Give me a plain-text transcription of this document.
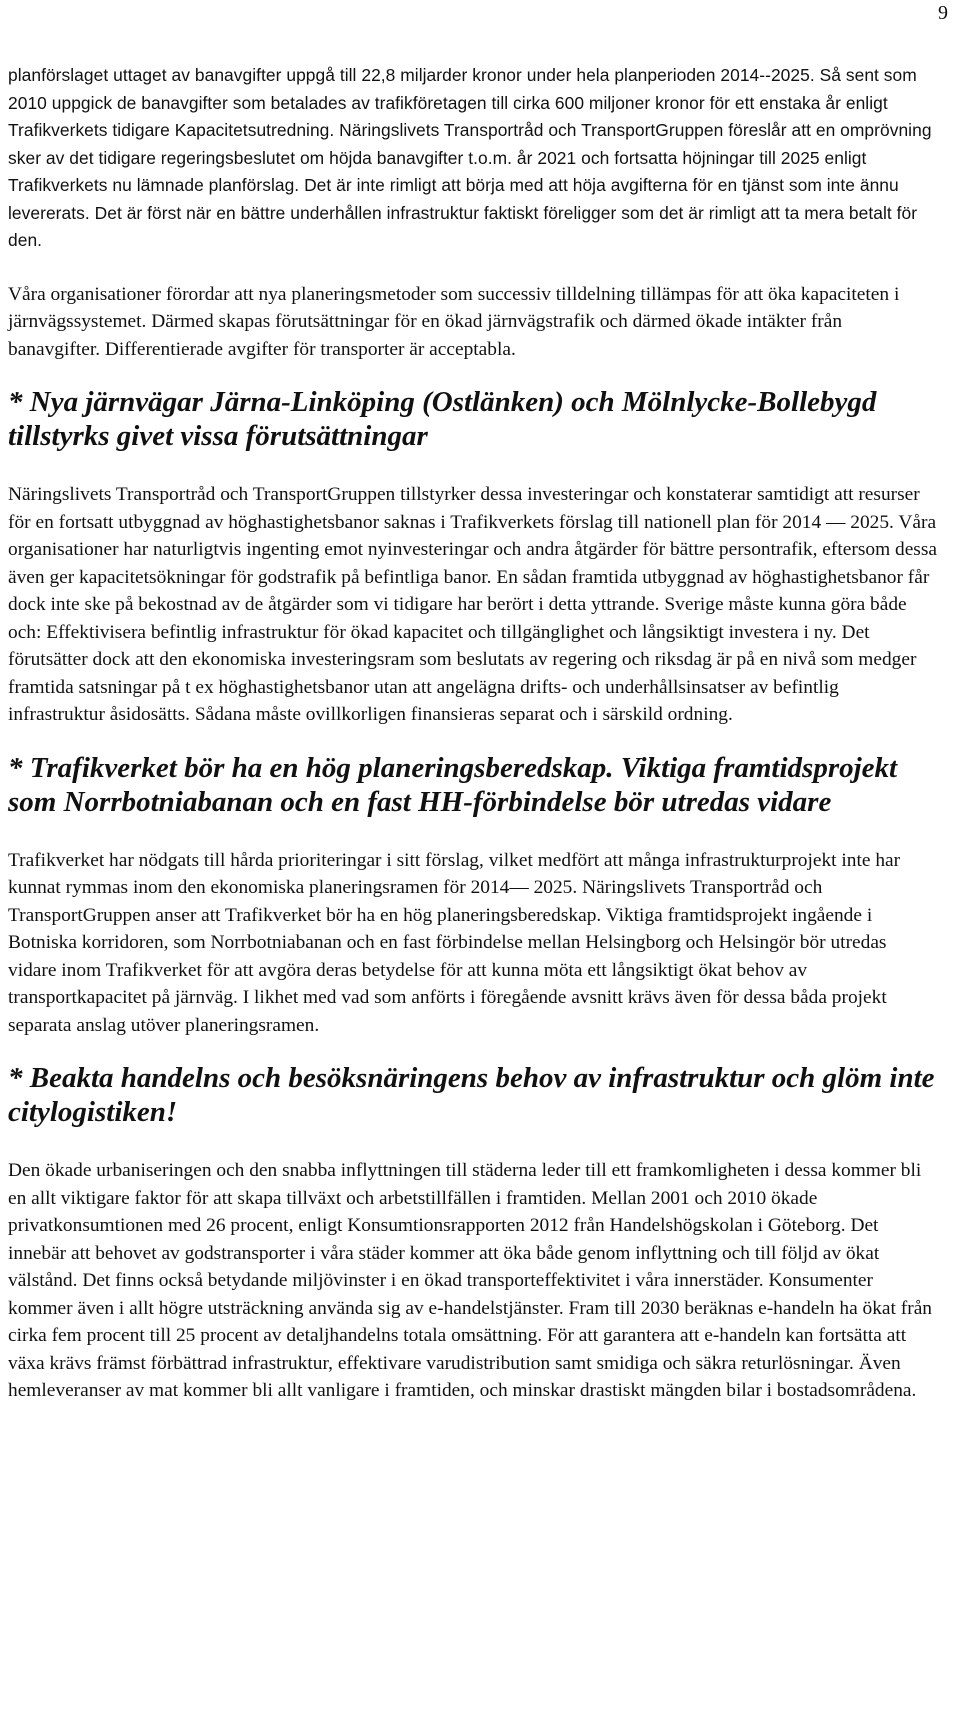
9

planförslaget uttaget av banavgifter uppgå till 22,8 miljarder kronor under hela planperioden 2014--2025. Så sent som 2010 uppgick de banavgifter som betalades av trafikföretagen till cirka 600 miljoner kronor för ett enstaka år enligt Trafikverkets tidigare Kapacitetsutredning. Näringslivets Transportråd och TransportGruppen föreslår att en omprövning sker av det tidigare regeringsbeslutet om höjda banavgifter t.o.m. år 2021 och fortsatta höjningar till 2025 enligt Trafikverkets nu lämnade planförslag. Det är inte rimligt att börja med att höja avgifterna för en tjänst som inte ännu levererats. Det är först när en bättre underhållen infrastruktur faktiskt föreligger som det är rimligt att ta mera betalt för den.

Våra organisationer förordar att nya planeringsmetoder som successiv tilldelning tillämpas för att öka kapaciteten i järnvägssystemet. Därmed skapas förutsättningar för en ökad järnvägstrafik och därmed ökade intäkter från banavgifter. Differentierade avgifter för transporter är acceptabla.

* Nya järnvägar Järna-Linköping (Ostlänken) och Mölnlycke-Bollebygd tillstyrks givet vissa förutsättningar

Näringslivets Transportråd och TransportGruppen tillstyrker dessa investeringar och konstaterar samtidigt att resurser för en fortsatt utbyggnad av höghastighetsbanor saknas i Trafikverkets förslag till nationell plan för 2014 — 2025. Våra organisationer har naturligtvis ingenting emot nyinvesteringar och andra åtgärder för bättre persontrafik, eftersom dessa även ger kapacitetsökningar för godstrafik på befintliga banor. En sådan framtida utbyggnad av höghastighetsbanor får dock inte ske på bekostnad av de åtgärder som vi tidigare har berört i detta yttrande. Sverige måste kunna göra både och: Effektivisera befintlig infrastruktur för ökad kapacitet och tillgänglighet och långsiktigt investera i ny. Det förutsätter dock att den ekonomiska investeringsram som beslutats av regering och riksdag är på en nivå som medger framtida satsningar på t ex höghastighetsbanor utan att angelägna drifts- och underhållsinsatser av befintlig infrastruktur åsidosätts. Sådana måste ovillkorligen finansieras separat och i särskild ordning.

* Trafikverket bör ha en hög planeringsberedskap. Viktiga framtidsprojekt som Norrbotniabanan och en fast HH-förbindelse bör utredas vidare

Trafikverket har nödgats till hårda prioriteringar i sitt förslag, vilket medfört att många infrastrukturprojekt inte har kunnat rymmas inom den ekonomiska planeringsramen för 2014— 2025. Näringslivets Transportråd och TransportGruppen anser att Trafikverket bör ha en hög planeringsberedskap. Viktiga framtidsprojekt ingående i Botniska korridoren, som Norrbotniabanan och en fast förbindelse mellan Helsingborg och Helsingör bör utredas vidare inom Trafikverket för att avgöra deras betydelse för att kunna möta ett långsiktigt ökat behov av transportkapacitet på järnväg. I likhet med vad som anförts i föregående avsnitt krävs även för dessa båda projekt separata anslag utöver planeringsramen.

* Beakta handelns och besöksnäringens behov av infrastruktur och glöm inte citylogistiken!

Den ökade urbaniseringen och den snabba inflyttningen till städerna leder till ett framkomligheten i dessa kommer bli en allt viktigare faktor för att skapa tillväxt och arbetstillfällen i framtiden. Mellan 2001 och 2010 ökade privatkonsumtionen med 26 procent, enligt Konsumtionsrapporten 2012 från Handelshögskolan i Göteborg. Det innebär att behovet av godstransporter i våra städer kommer att öka både genom inflyttning och till följd av ökat välstånd. Det finns också betydande miljövinster i en ökad transporteffektivitet i våra innerstäder. Konsumenter kommer även i allt högre utsträckning använda sig av e-handelstjänster. Fram till 2030 beräknas e-handeln ha ökat från cirka fem procent till 25 procent av detaljhandelns totala omsättning. För att garantera att e-handeln kan fortsätta att växa krävs främst förbättrad infrastruktur, effektivare varudistribution samt smidiga och säkra returlösningar. Även hemleveranser av mat kommer bli allt vanligare i framtiden, och minskar drastiskt mängden bilar i bostadsområdena.
